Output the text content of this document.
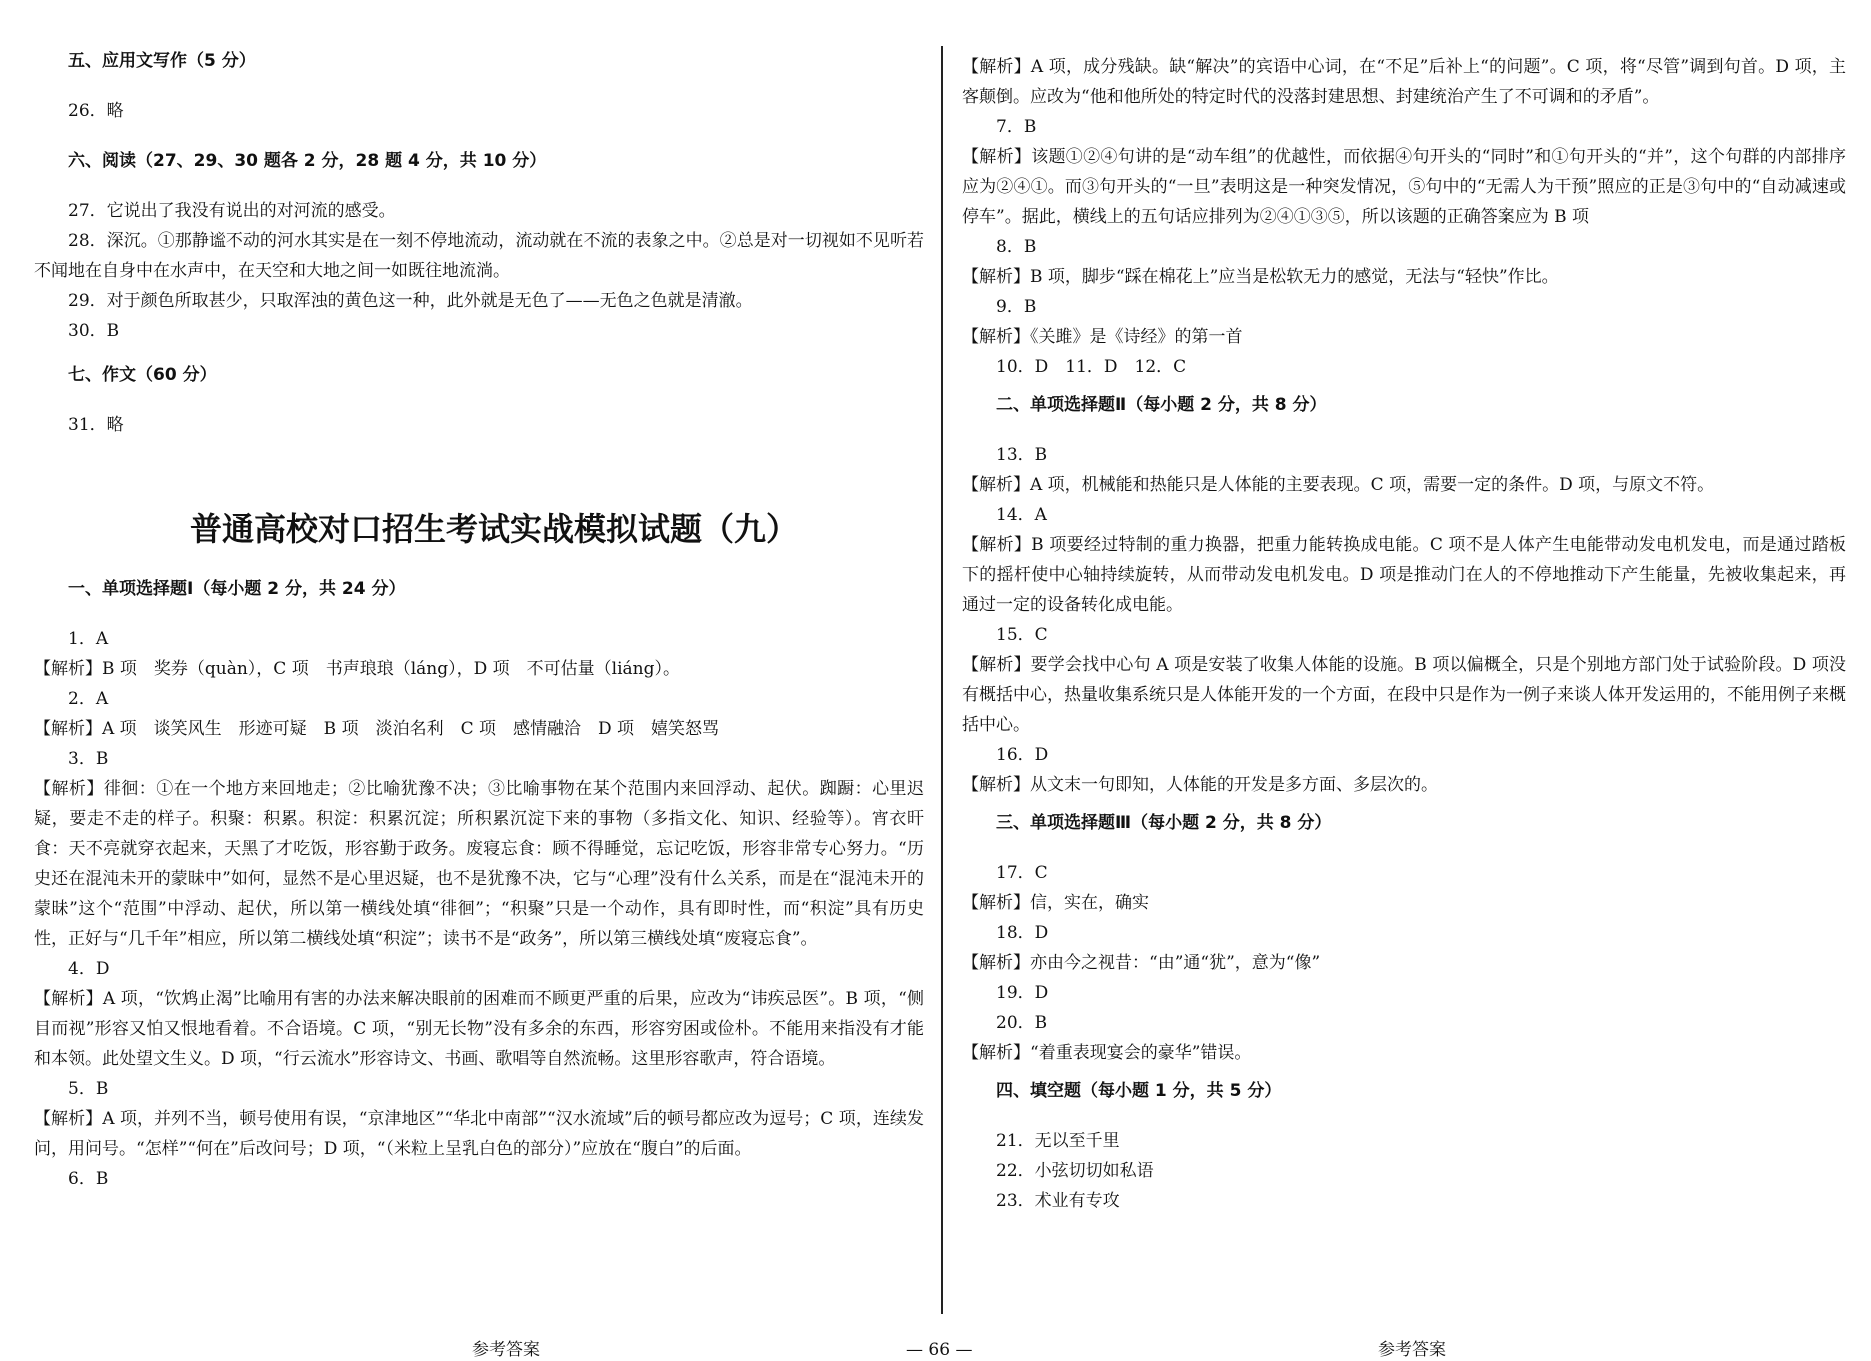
五、应用文写作（5 分）
26．略
六、阅读（27、29、30 题各 2 分，28 题 4 分，共 10 分）
27．它说出了我没有说出的对河流的感受。

28．深沉。①那静谧不动的河水其实是在一刻不停地流动，流动就在不流的表象之中。②总是对一切视如不见听若不闻地在自身中在水声中，在天空和大地之间一如既往地流淌。

29．对于颜色所取甚少，只取浑浊的黄色这一种，此外就是无色了——无色之色就是清澈。
30．B
七、作文（60 分）
31．略
普通高校对口招生考试实战模拟试题（九）
一、单项选择题Ⅰ（每小题 2 分，共 24 分）
1．A

【解析】B 项　奖券（quàn），C 项　书声琅琅（láng），D 项　不可估量（liáng）。

2．A

【解析】A 项　谈笑风生　形迹可疑　B 项　淡泊名利　C 项　感情融洽　D 项　嬉笑怒骂

3．B

【解析】徘徊：①在一个地方来回地走；②比喻犹豫不决；③比喻事物在某个范围内来回浮动、起伏。踟蹰：心里迟疑，要走不走的样子。积聚：积累。积淀：积累沉淀；所积累沉淀下来的事物（多指文化、知识、经验等）。宵衣旰食：天不亮就穿衣起来，天黑了才吃饭，形容勤于政务。废寝忘食：顾不得睡觉，忘记吃饭，形容非常专心努力。“历史还在混沌未开的蒙昧中”如何，显然不是心里迟疑，也不是犹豫不决，它与“心理”没有什么关系，而是在“混沌未开的蒙昧”这个“范围”中浮动、起伏，所以第一横线处填“徘徊”；“积聚”只是一个动作，具有即时性，而“积淀”具有历史性，正好与“几千年”相应，所以第二横线处填“积淀”；读书不是“政务”，所以第三横线处填“废寝忘食”。

4．D

【解析】A 项，“饮鸩止渴”比喻用有害的办法来解决眼前的困难而不顾更严重的后果，应改为“讳疾忌医”。B 项，“侧目而视”形容又怕又恨地看着。不合语境。C 项，“别无长物”没有多余的东西，形容穷困或俭朴。不能用来指没有才能和本领。此处望文生义。D 项，“行云流水”形容诗文、书画、歌唱等自然流畅。这里形容歌声，符合语境。

5．B

【解析】A 项，并列不当，顿号使用有误，“京津地区”“华北中南部”“汉水流域”后的顿号都应改为逗号；C 项，连续发问，用问号。“怎样”“何在”后改问号；D 项，“（米粒上呈乳白色的部分）”应放在“腹白”的后面。

6．B

【解析】A 项，成分残缺。缺“解决”的宾语中心词，在“不足”后补上“的问题”。C 项，将“尽管”调到句首。D 项，主客颠倒。应改为“他和他所处的特定时代的没落封建思想、封建统治产生了不可调和的矛盾”。

7．B

【解析】该题①②④句讲的是“动车组”的优越性，而依据④句开头的“同时”和①句开头的“并”，这个句群的内部排序应为②④①。而③句开头的“一旦”表明这是一种突发情况，⑤句中的“无需人为干预”照应的正是③句中的“自动减速或停车”。据此，横线上的五句话应排列为②④①③⑤，所以该题的正确答案应为 B 项

8．B

【解析】B 项，脚步“踩在棉花上”应当是松软无力的感觉，无法与“轻快”作比。

9．B

【解析】《关雎》是《诗经》的第一首

10．D　11．D　12．C
二、单项选择题Ⅱ（每小题 2 分，共 8 分）
13．B

【解析】A 项，机械能和热能只是人体能的主要表现。C 项，需要一定的条件。D 项，与原文不符。

14．A

【解析】B 项要经过特制的重力换器，把重力能转换成电能。C 项不是人体产生电能带动发电机发电，而是通过踏板下的摇杆使中心轴持续旋转，从而带动发电机发电。D 项是推动门在人的不停地推动下产生能量，先被收集起来，再通过一定的设备转化成电能。

15．C

【解析】要学会找中心句 A 项是安装了收集人体能的设施。B 项以偏概全，只是个别地方部门处于试验阶段。D 项没有概括中心，热量收集系统只是人体能开发的一个方面，在段中只是作为一例子来谈人体开发运用的，不能用例子来概括中心。

16．D

【解析】从文末一句即知，人体能的开发是多方面、多层次的。

三、单项选择题Ⅲ（每小题 2 分，共 8 分）
17．C

【解析】信，实在，确实

18．D

【解析】亦由今之视昔：“由”通“犹”，意为“像”

19．D
20．B

【解析】“着重表现宴会的豪华”错误。

四、填空题（每小题 1 分，共 5 分）
21．无以至千里
22．小弦切切如私语
23．术业有专攻
参考答案	— 66 —	参考答案
